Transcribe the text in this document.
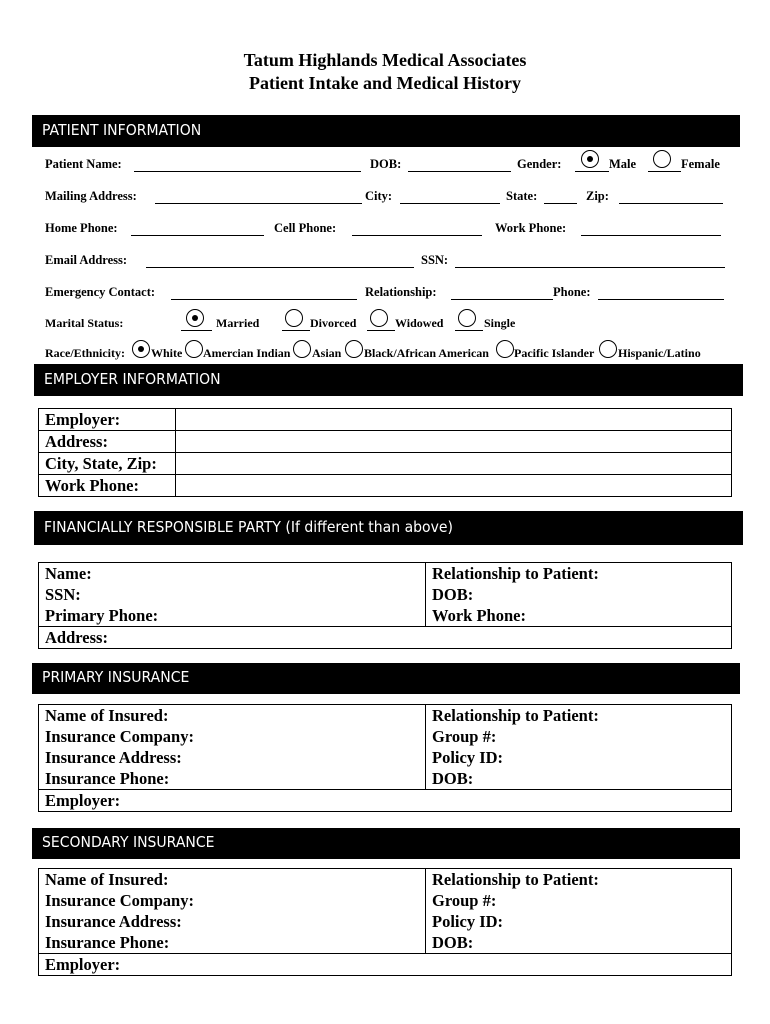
Tatum Highlands Medical Associates
Patient Intake and Medical History
PATIENT INFORMATION
Patient Name:	DOB:	Gender:	Male	Female
Mailing Address:	City:	State:	Zip:
Home Phone:	Cell Phone:	Work Phone:
Email Address:	SSN:
Emergency Contact:	Relationship:	Phone:
Marital Status:	Married	Divorced	Widowed	Single
Race/Ethnicity: White Amercian Indian Asian Black/African American Pacific Islander Hispanic/Latino
EMPLOYER INFORMATION
Employer:	
Address:	
City, State, Zip:	
Work Phone:	
FINANCIALLY RESPONSIBLE PARTY (If different than above)
Name:	Relationship to Patient:
SSN:	DOB:
Primary Phone:	Work Phone:
Address:	
PRIMARY INSURANCE
Name of Insured:	Relationship to Patient:
Insurance Company:	Group #:
Insurance Address:	Policy ID:
Insurance Phone:	DOB:
Employer:	
SECONDARY INSURANCE
Name of Insured:	Relationship to Patient:
Insurance Company:	Group #:
Insurance Address:	Policy ID:
Insurance Phone:	DOB:
Employer:	
